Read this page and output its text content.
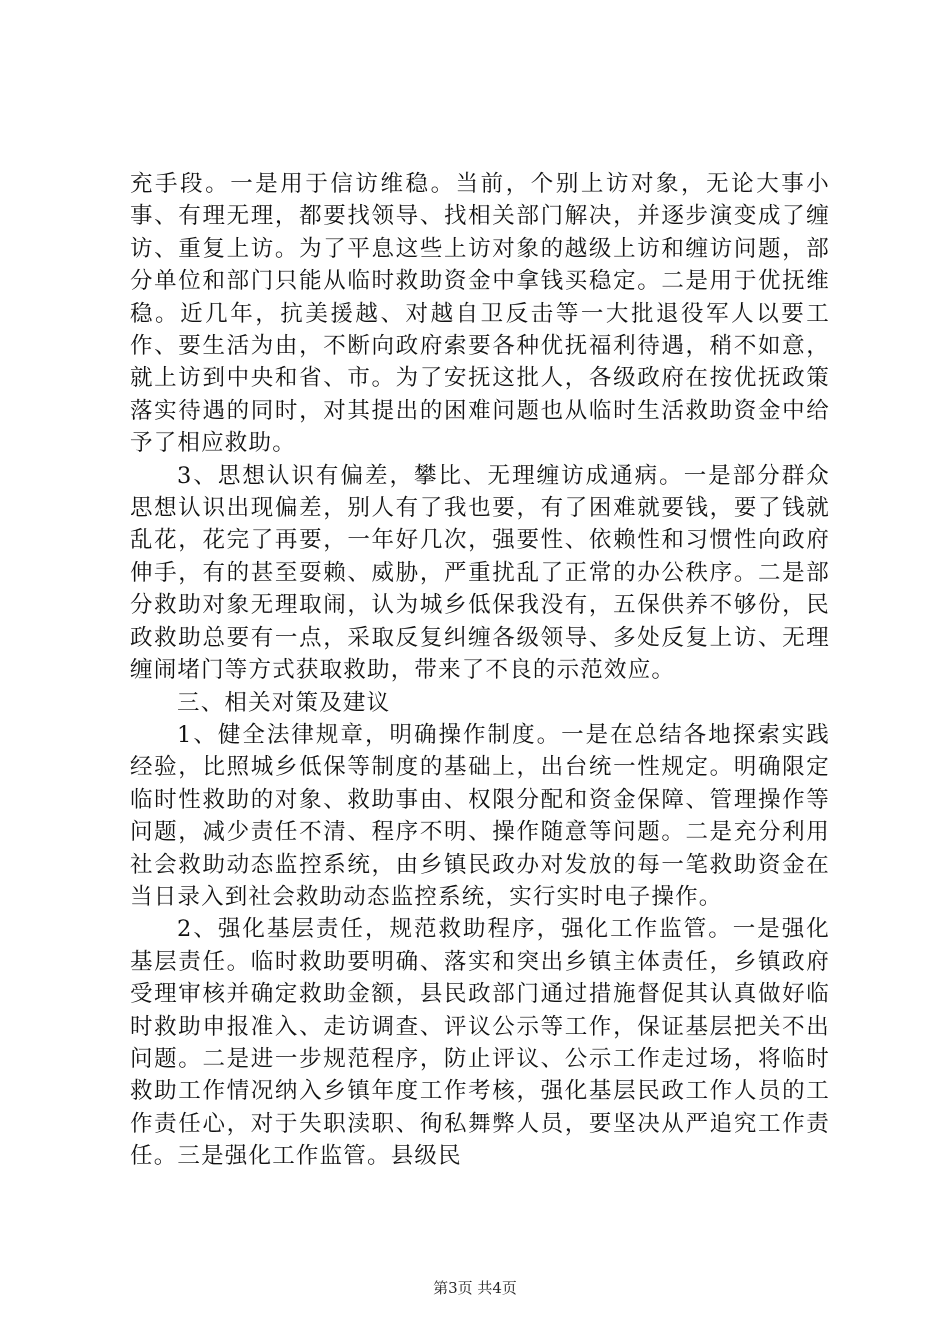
充手段。一是用于信访维稳。当前，个别上访对象，无论大事小事、有理无理，都要找领导、找相关部门解决，并逐步演变成了缠访、重复上访。为了平息这些上访对象的越级上访和缠访问题，部分单位和部门只能从临时救助资金中拿钱买稳定。二是用于优抚维稳。近几年，抗美援越、对越自卫反击等一大批退役军人以要工作、要生活为由，不断向政府索要各种优抚福利待遇，稍不如意，就上访到中央和省、市。为了安抚这批人，各级政府在按优抚政策落实待遇的同时，对其提出的困难问题也从临时生活救助资金中给予了相应救助。

3、思想认识有偏差，攀比、无理缠访成通病。一是部分群众思想认识出现偏差，别人有了我也要，有了困难就要钱，要了钱就乱花，花完了再要，一年好几次，强要性、依赖性和习惯性向政府伸手，有的甚至耍赖、威胁，严重扰乱了正常的办公秩序。二是部分救助对象无理取闹，认为城乡低保我没有，五保供养不够份，民政救助总要有一点，采取反复纠缠各级领导、多处反复上访、无理缠闹堵门等方式获取救助，带来了不良的示范效应。

三、相关对策及建议

1、健全法律规章，明确操作制度。一是在总结各地探索实践经验，比照城乡低保等制度的基础上，出台统一性规定。明确限定临时性救助的对象、救助事由、权限分配和资金保障、管理操作等问题，减少责任不清、程序不明、操作随意等问题。二是充分利用社会救助动态监控系统，由乡镇民政办对发放的每一笔救助资金在当日录入到社会救助动态监控系统，实行实时电子操作。

2、强化基层责任，规范救助程序，强化工作监管。一是强化基层责任。临时救助要明确、落实和突出乡镇主体责任，乡镇政府受理审核并确定救助金额，县民政部门通过措施督促其认真做好临时救助申报准入、走访调查、评议公示等工作，保证基层把关不出问题。二是进一步规范程序，防止评议、公示工作走过场，将临时救助工作情况纳入乡镇年度工作考核，强化基层民政工作人员的工作责任心，对于失职渎职、徇私舞弊人员，要坚决从严追究工作责任。三是强化工作监管。县级民

第3页 共4页
